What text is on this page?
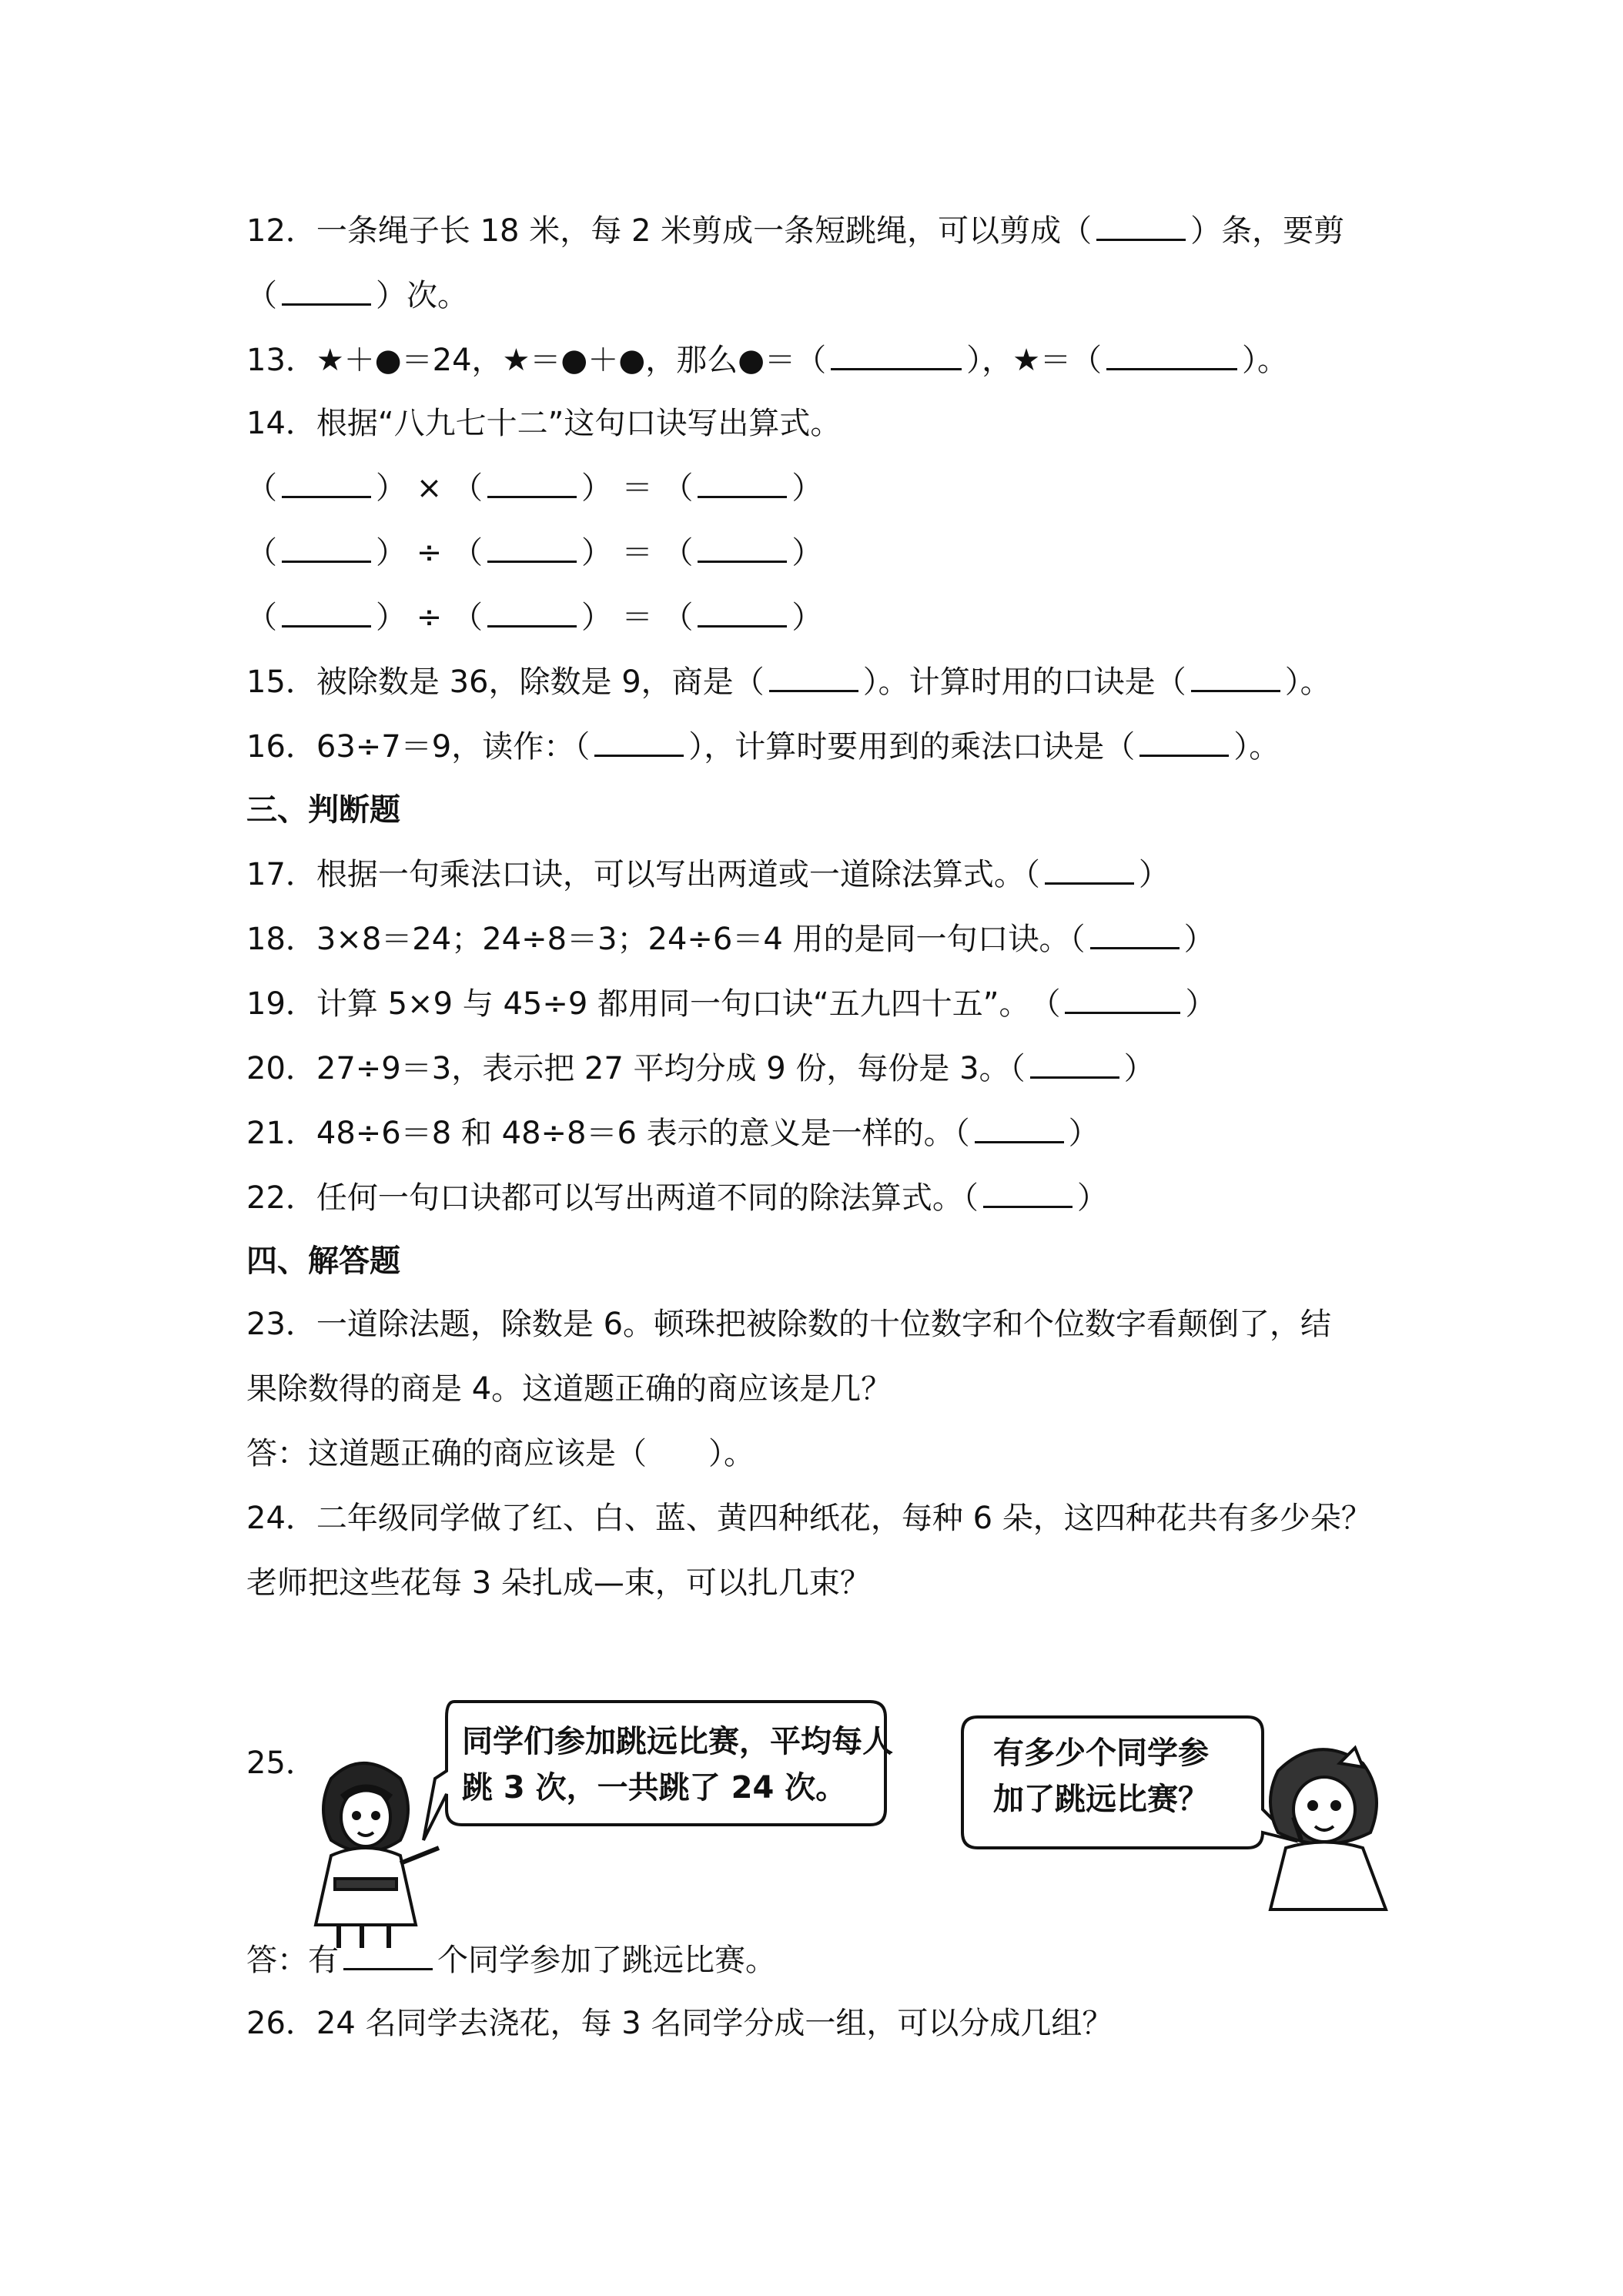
12．一条绳子长 18 米，每 2 米剪成一条短跳绳，可以剪成（	）条，要剪
（	）次。
13．★＋●＝24，★＝●＋●，那么●＝（	），★＝（	）。
14．根据“八九七十二”这句口诀写出算式。
（	） × （	） ＝ （	）
（	） ÷ （	） ＝ （	）
（	） ÷ （	） ＝ （	）
15．被除数是 36，除数是 9，商是（	）。计算时用的口诀是（	）。
16．63÷7＝9，读作：（	），计算时要用到的乘法口诀是（	）。
三、判断题
17．根据一句乘法口诀，可以写出两道或一道除法算式。（	）
18．3×8＝24；24÷8＝3；24÷6＝4 用的是同一句口诀。（	）
19．计算 5×9 与 45÷9 都用同一句口诀“五九四十五”。　（	）
20．27÷9＝3，表示把 27 平均分成 9 份，每份是 3。（	）
21．48÷6＝8 和 48÷8＝6 表示的意义是一样的。（	）
22．任何一句口诀都可以写出两道不同的除法算式。（	）
四、解答题
23．一道除法题，除数是 6。顿珠把被除数的十位数字和个位数字看颠倒了，结
果除数得的商是 4。这道题正确的商应该是几？
答：这道题正确的商应该是（　　）。
24．二年级同学做了红、白、蓝、黄四种纸花，每种 6 朵，这四种花共有多少朵？
老师把这些花每 3 朵扎成—束，可以扎几束？
25．
同学们参加跳远比赛，平均每人
跳 3 次，一共跳了 24 次。
有多少个同学参
加了跳远比赛？
答：有	个同学参加了跳远比赛。
26．24 名同学去浇花，每 3 名同学分成一组，可以分成几组？
